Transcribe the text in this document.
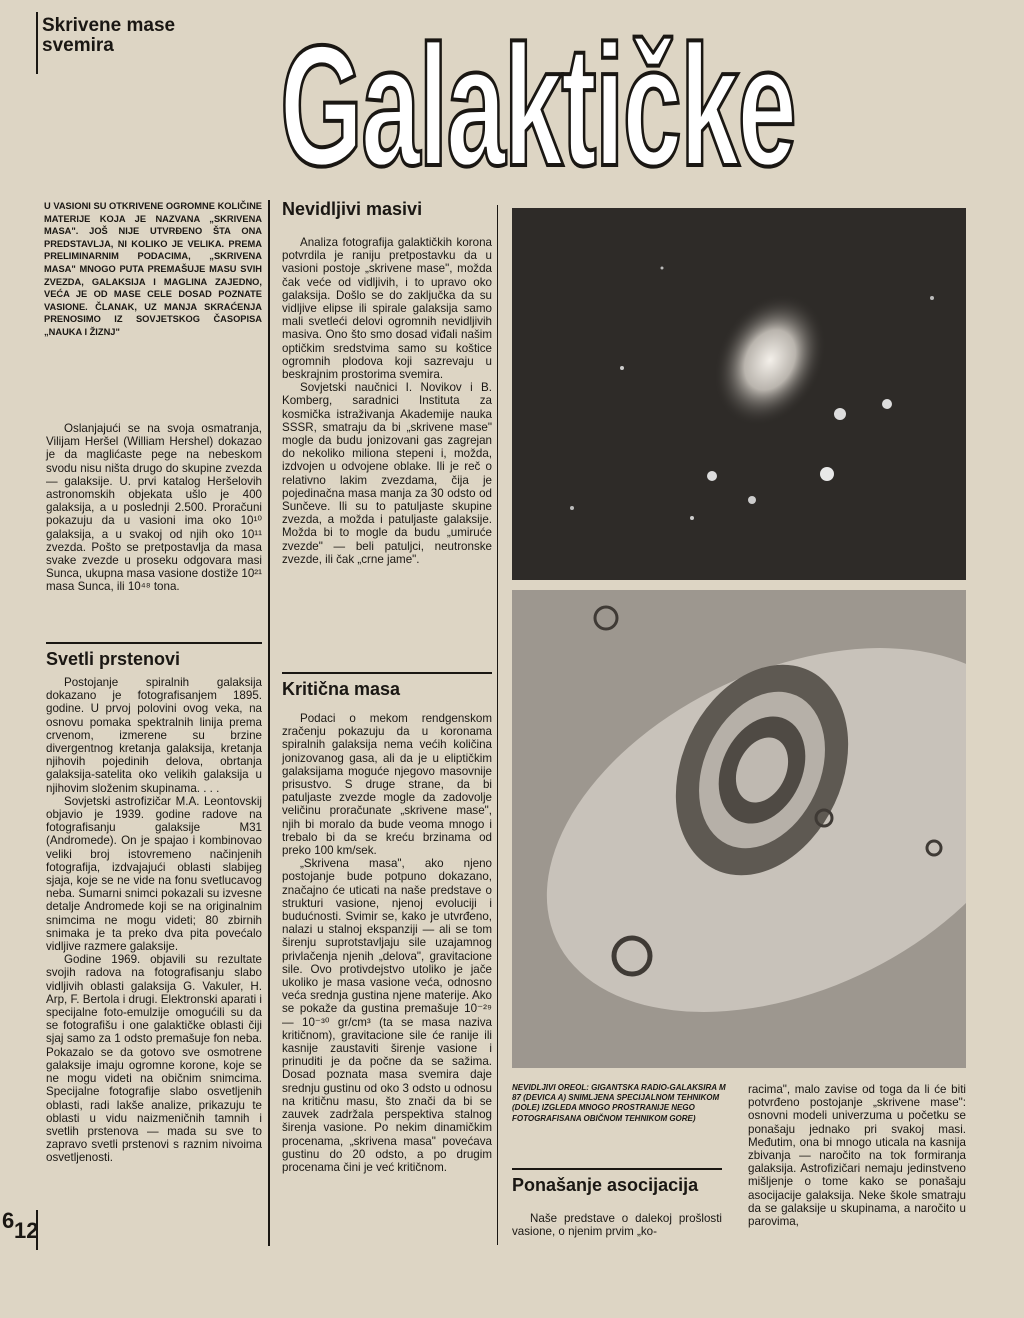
Skrivene mase svemira Galaktičke
U VASIONI SU OTKRIVENE OGROMNE KOLIČINE MATERIJE KOJA JE NAZVANA „SKRIVENA MASA". JOŠ NIJE UTVRĐENO ŠTA ONA PREDSTAVLJA, NI KOLIKO JE VELIKA. PREMA PRELIMINARNIM PODACIMA, „SKRIVENA MASA" MNOGO PUTA PREMAŠUJE MASU SVIH ZVEZDA, GALAKSIJA I MAGLINA ZAJEDNO, VEĆA JE OD MASE CELE DOSAD POZNATE VASIONE. ČLANAK, UZ MANJA SKRAĆENJA PRENOSIMO IZ SOVJETSKOG ČASOPISA „NAUKA I ŽIZNJ"

Oslanjajući se na svoja osmatranja, Vilijam Heršel (William Hershel) dokazao je da maglićaste pege na nebeskom svodu nisu ništa drugo do skupine zvezda — galaksije. U. prvi katalog Heršelovih astronomskih objekata ušlo je 400 galaksija, a u poslednji 2.500. Proračuni pokazuju da u vasioni ima oko 10¹⁰ galaksija, a u svakoj od njih oko 10¹¹ zvezda. Pošto se pretpostavlja da masa svake zvezde u proseku odgovara masi Sunca, ukupna masa vasione dostiže 10²¹ masa Sunca, ili 10⁴⁸ tona.

Svetli prstenovi

Postojanje spiralnih galaksija dokazano je fotografisanjem 1895. godine. U prvoj polovini ovog veka, na osnovu pomaka spektralnih linija prema crvenom, izmerene su brzine divergentnog kretanja galaksija, kretanja njihovih pojedinih delova, obrtanja galaksija-satelita oko velikih galaksija u njihovim složenim skupinama. . . .

Sovjetski astrofizičar M.A. Leontovskij objavio je 1939. godine radove na fotografisanju galaksije M31 (Andromede). On je spajao i kombinovao veliki broj istovremeno načinjenih fotografija, izdvajajući oblasti slabijeg sjaja, koje se ne vide na fonu svetlucavog neba. Sumarni snimci pokazali su izvesne detalje Andromede koji se na originalnim snimcima ne mogu videti; 80 zbirnih snimaka je ta preko dva pita povećalo vidljive razmere galaksije.

Godine 1969. objavili su rezultate svojih radova na fotografisanju slabo vidljivih oblasti galaksija G. Vakuler, H. Arp, F. Bertola i drugi. Elektronski aparati i specijalne foto-emulzije omogućili su da se fotografišu i one galaktičke oblasti čiji sjaj samo za 1 odsto premašuje fon neba. Pokazalo se da gotovo sve osmotrene galaksije imaju ogromne korone, koje se ne mogu videti na običnim snimcima. Specijalne fotografije slabo osvetljenih oblasti, radi lakše analize, prikazuju te oblasti u vidu naizmeničnih tamnih i svetlih prstenova — mada su sve to zapravo svetli prstenovi s raznim nivoima osvetljenosti.

Nevidljivi masivi

Analiza fotografija galaktičkih korona potvrdila je raniju pretpostavku da u vasioni postoje „skrivene mase", možda čak veće od vidljivih, i to upravo oko galaksija. Došlo se do zaključka da su vidljive elipse ili spirale galaksija samo mali svetleći delovi ogromnih nevidljivih masiva. Ono što smo dosad viđali našim optičkim sredstvima samo su koštice ogromnih plodova koji sazrevaju u beskrajnim prostorima svemira.

Sovjetski naučnici I. Novikov i B. Komberg, saradnici Instituta za kosmička istraživanja Akademije nauka SSSR, smatraju da bi „skrivene mase" mogle da budu jonizovani gas zagrejan do nekoliko miliona stepeni i, možda, izdvojen u odvojene oblake. Ili je reč o relativno lakim zvezdama, čija je pojedinačna masa manja za 30 odsto od Sunčeve. Ili su to patuljaste skupine zvezda, a možda i patuljaste galaksije. Možda bi to mogle da budu „umiruće zvezde" — beli patuljci, neutronske zvezde, ili čak „crne jame".

Kritična masa

Podaci o mekom rendgenskom zračenju pokazuju da u koronama spiralnih galaksija nema većih količina jonizovanog gasa, ali da je u eliptičkim galaksijama moguće njegovo masovnije prisustvo. S druge strane, da bi patuljaste zvezde mogle da zadovolje veličinu proračunate „skrivene mase", njih bi moralo da bude veoma mnogo i trebalo bi da se kreću brzinama od preko 100 km/sek.

„Skrivena masa", ako njeno postojanje bude potpuno dokazano, značajno će uticati na naše predstave o strukturi vasione, njenoj evoluciji i budućnosti. Svimir se, kako je utvrđeno, nalazi u stalnoj ekspanziji — ali se tom širenju suprotstavljaju sile uzajamnog privlačenja njenih „delova", gravitacione sile. Ovo protivdejstvo utoliko je jače ukoliko je masa vasione veća, odnosno veća srednja gustina njene materije. Ako se pokaže da gustina premašuje 10⁻²⁹ — 10⁻³⁰ gr/cm³ (ta se masa naziva kritičnom), gravitacione sile će ranije ili kasnije zaustaviti širenje vasione i prinuditi je da počne da se sažima. Dosad poznata masa svemira daje srednju gustinu od oko 3 odsto u odnosu na kritičnu masu, što znači da bi se zauvek zadržala perspektiva stalnog širenja vasione. Po nekim dinamičkim procenama, „skrivena masa" povećava gustinu do 20 odsto, a po drugim procenama čini je već kritičnom.

NEVIDLJIVI OREOL: GIGANTSKA RADIO-GALAKSIRA M 87 (DEVICA A) SNIMLJENA SPECIJALNOM TEHNIKOM (DOLE) IZGLEDA MNOGO PROSTRANIJE NEGO FOTOGRAFISANA OBIČNOM TEHNIKOM GORE)
Ponašanje asocijacija

Naše predstave o dalekoj prošlosti vasione, o njenim prvim „ko-

racima", malo zavise od toga da li će biti potvrđeno postojanje „skrivene mase": osnovni modeli univerzuma u početku se ponašaju jednako pri svakoj masi. Međutim, ona bi mnogo uticala na kasnija zbivanja — naročito na tok formiranja galaksija. Astrofizičari nemaju jedinstveno mišljenje o tome kako se ponašaju asocijacije galaksija. Neke škole smatraju da se galaksije u skupinama, a naročito u parovima,

6 12
